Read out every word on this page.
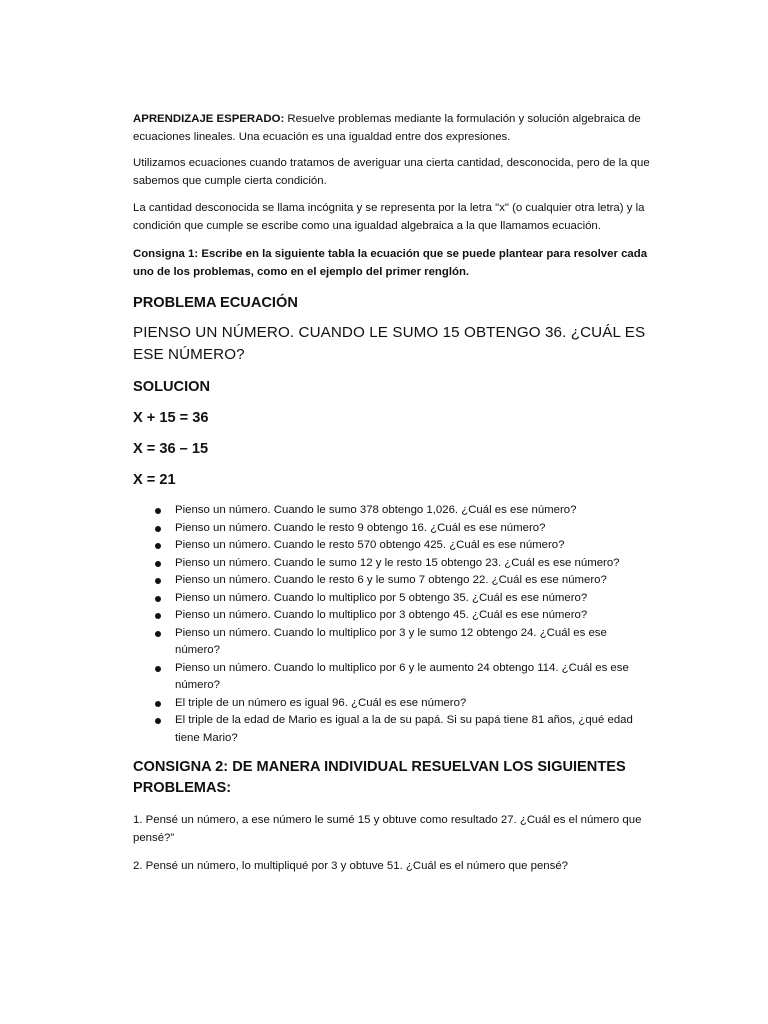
APRENDIZAJE ESPERADO: Resuelve problemas mediante la formulación y solución algebraica de ecuaciones lineales. Una ecuación es una igualdad entre dos expresiones.

Utilizamos ecuaciones cuando tratamos de averiguar una cierta cantidad, desconocida, pero de la que sabemos que cumple cierta condición.

La cantidad desconocida se llama incógnita y se representa por la letra "x" (o cualquier otra letra) y la condición que cumple se escribe como una igualdad algebraica a la que llamamos ecuación.

Consigna 1: Escribe en la siguiente tabla la ecuación que se puede plantear para resolver cada uno de los problemas, como en el ejemplo del primer renglón.

PROBLEMA ECUACIÓN

PIENSO UN NÚMERO. CUANDO LE SUMO 15 OBTENGO 36. ¿CUÁL ES ESE NÚMERO?

SOLUCION

X + 15 = 36

X = 36 – 15

X = 21

Pienso un número. Cuando le sumo 378 obtengo 1,026. ¿Cuál es ese número?
Pienso un número. Cuando le resto 9 obtengo 16. ¿Cuál es ese número?
Pienso un número. Cuando le resto 570 obtengo 425. ¿Cuál es ese número?
Pienso un número. Cuando le sumo 12 y le resto 15 obtengo 23. ¿Cuál es ese número?
Pienso un número. Cuando le resto 6 y le sumo 7 obtengo 22. ¿Cuál es ese número?
Pienso un número. Cuando lo multiplico por 5 obtengo 35. ¿Cuál es ese número?
Pienso un número. Cuando lo multiplico por 3 obtengo 45. ¿Cuál es ese número?
Pienso un número. Cuando lo multiplico por 3 y le sumo 12 obtengo 24. ¿Cuál es ese número?
Pienso un número. Cuando lo multiplico por 6 y le aumento 24 obtengo 114. ¿Cuál es ese número?
El triple de un número es igual 96. ¿Cuál es ese número?
El triple de la edad de Mario es igual a la de su papá. Si su papá tiene 81 años, ¿qué edad tiene Mario?

CONSIGNA 2: DE MANERA INDIVIDUAL RESUELVAN LOS SIGUIENTES PROBLEMAS:

1. Pensé un número, a ese número le sumé 15 y obtuve como resultado 27. ¿Cuál es el número que pensé?”

2. Pensé un número, lo multipliqué por 3 y obtuve 51. ¿Cuál es el número que pensé?
